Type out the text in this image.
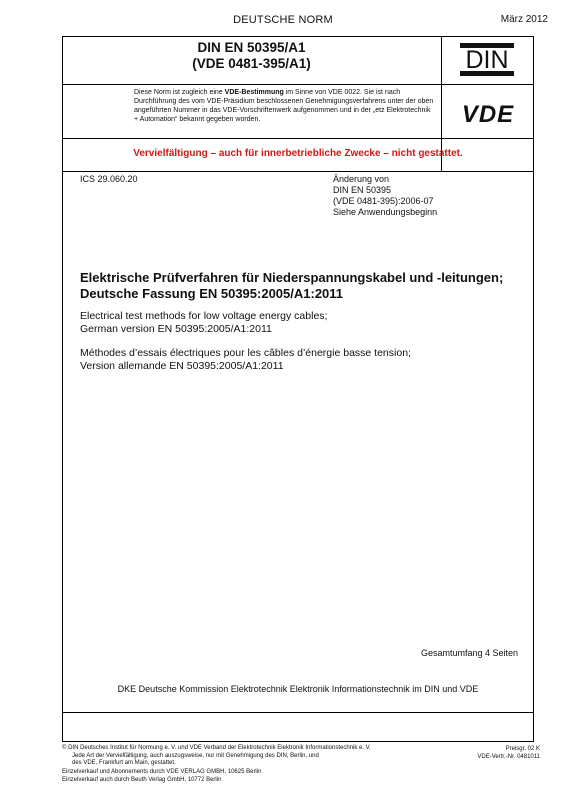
DEUTSCHE NORM	März 2012
DIN EN 50395/A1
(VDE 0481-395/A1)
Diese Norm ist zugleich eine VDE-Bestimmung im Sinne von VDE 0022. Sie ist nach Durchführung des vom VDE-Präsidium beschlossenen Genehmigungsverfahrens unter der oben angeführten Nummer in das VDE-Vorschriftenwerk aufgenommen und in der „etz Elektrotechnik + Automation“ bekannt gegeben worden.
DIN
VDE
Vervielfältigung – auch für innerbetriebliche Zwecke – nicht gestattet.
ICS 29.060.20	Änderung von
DIN EN 50395
(VDE 0481-395):2006-07
Siehe Anwendungsbeginn
Elektrische Prüfverfahren für Niederspannungskabel und -leitungen;
Deutsche Fassung EN 50395:2005/A1:2011
Electrical test methods for low voltage energy cables;
German version EN 50395:2005/A1:2011
Méthodes d’essais électriques pour les câbles d’énergie basse tension;
Version allemande EN 50395:2005/A1:2011
Gesamtumfang 4 Seiten
DKE Deutsche Kommission Elektrotechnik Elektronik Informationstechnik im DIN und VDE
© DIN Deutsches Institut für Normung e. V. und VDE Verband der Elektrotechnik Elektronik Informationstechnik e. V.
Jede Art der Vervielfältigung, auch auszugsweise, nur mit Genehmigung des DIN, Berlin, und
des VDE, Frankfurt am Main, gestattet.
Preisgr. 02 K
VDE-Vertr.-Nr. 0481011
Einzelverkauf und Abonnements durch VDE VERLAG GMBH, 10625 Berlin
Einzelverkauf auch durch Beuth Verlag GmbH, 10772 Berlin
